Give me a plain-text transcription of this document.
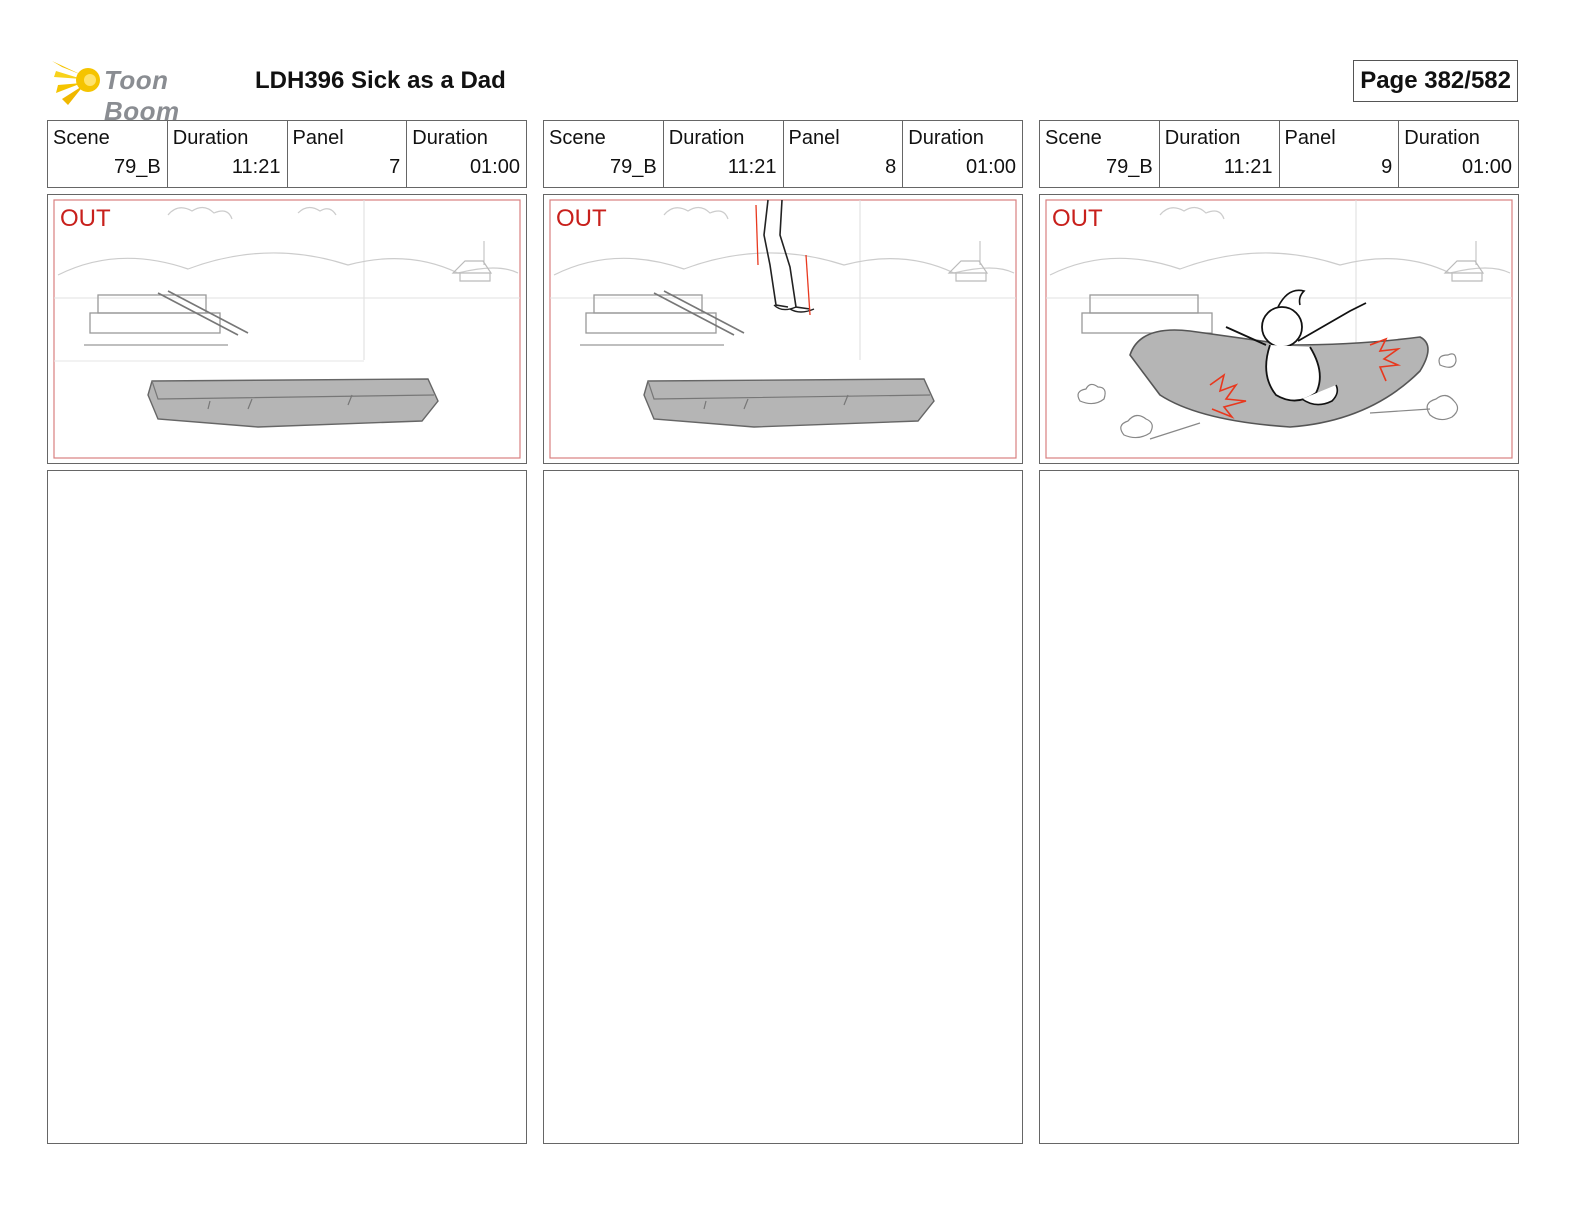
Toon Boom
LDH396 Sick as a Dad	Page 382/582
Scene
79_B
Duration
11:21
Panel
7
Duration
01:00
OUT
Scene
79_B
Duration
11:21
Panel
8
Duration
01:00
OUT
Scene
79_B
Duration
11:21
Panel
9
Duration
01:00
OUT
